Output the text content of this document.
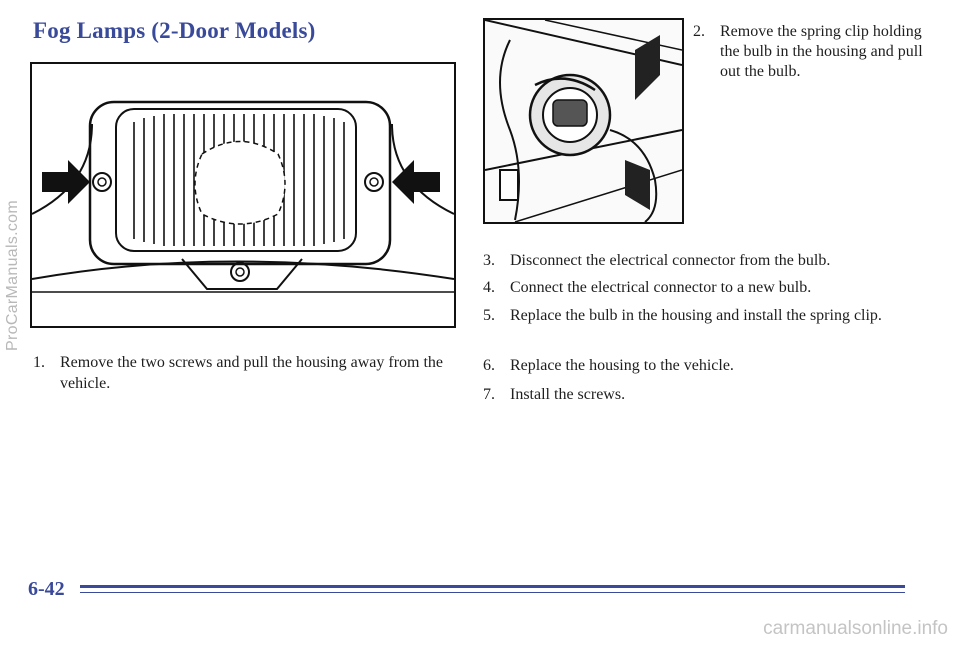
Fog Lamps (2-Door Models)
1. Remove the two screws and pull the housing away from the vehicle.
2. Remove the spring clip holding the bulb in the housing and pull out the bulb.
3. Disconnect the electrical connector from the bulb.
4. Connect the electrical connector to a new bulb.
5. Replace the bulb in the housing and install the spring clip.
6. Replace the housing to the vehicle.
7. Install the screws.
ProCarManuals.com
6-42
carmanualsonline.info
